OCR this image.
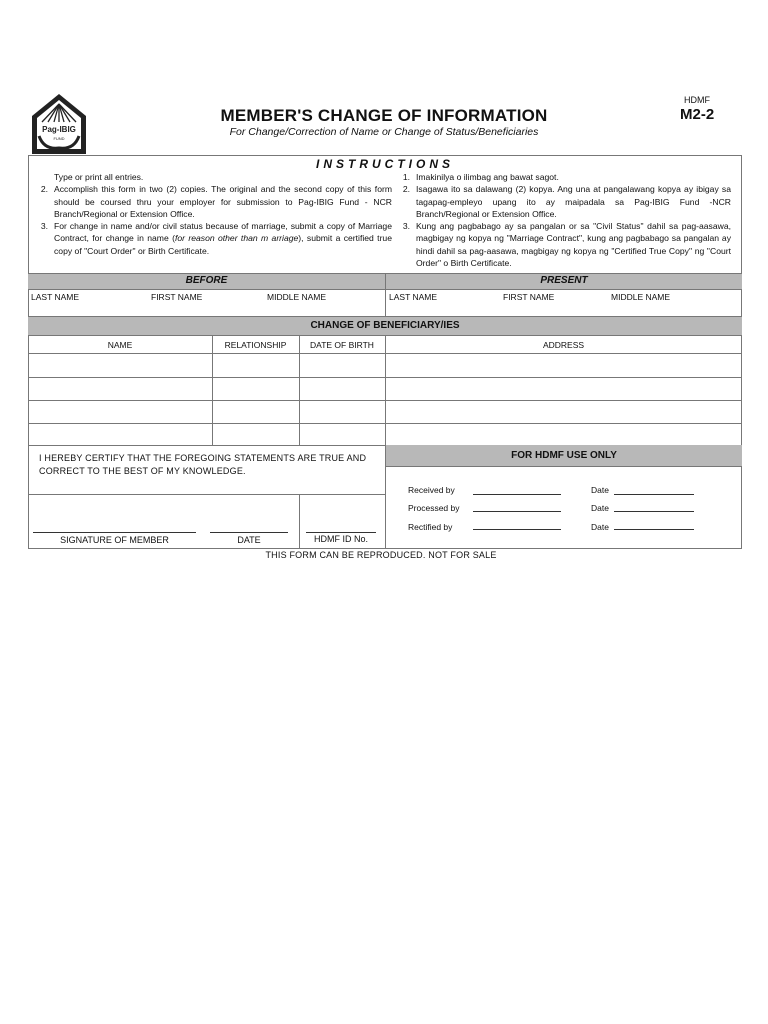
Pag-IBIG
FUND
HDMF
M2-2
MEMBER'S CHANGE OF INFORMATION
For Change/Correction of Name or Change of Status/Beneficiaries
INSTRUCTIONS
Type or print all entries.
2. Accomplish this form in two (2) copies. The original and the second copy of this form should be coursed thru your employer for submission to Pag-IBIG Fund - NCR Branch/Regional or Extension Office.
3. For change in name and/or civil status because of marriage, submit a copy of Marriage Contract, for change in name (for reason other than m arriage), submit a certified true copy of "Court Order" or Birth Certificate.
1. Imakinilya o ilimbag ang bawat sagot.
2. Isagawa ito sa dalawang (2) kopya. Ang una at pangalawang kopya ay ibigay sa tagapag-empleyo upang ito ay maipadala sa Pag-IBIG Fund -NCR Branch/Regional or Extension Office.
3. Kung ang pagbabago ay sa pangalan or sa "Civil Status" dahil sa pag-aasawa, magbigay ng kopya ng "Marriage Contract", kung ang pagbabago sa pangalan ay hindi dahil sa pag-aasawa, magbigay ng kopya ng "Certified True Copy" ng "Court Order" o Birth Certificate.
BEFORE	PRESENT
LAST NAME	FIRST NAME	MIDDLE NAME	LAST NAME	FIRST NAME	MIDDLE NAME
CHANGE OF BENEFICIARY/IES
NAME	RELATIONSHIP	DATE OF BIRTH	ADDRESS
I HEREBY CERTIFY THAT THE FOREGOING STATEMENTS ARE TRUE AND CORRECT TO THE BEST OF MY KNOWLEDGE.
SIGNATURE OF MEMBER	DATE	HDMF ID No.
FOR HDMF USE ONLY
Received by	Date
Processed by	Date
Rectified by	Date
THIS FORM CAN BE REPRODUCED. NOT FOR SALE
